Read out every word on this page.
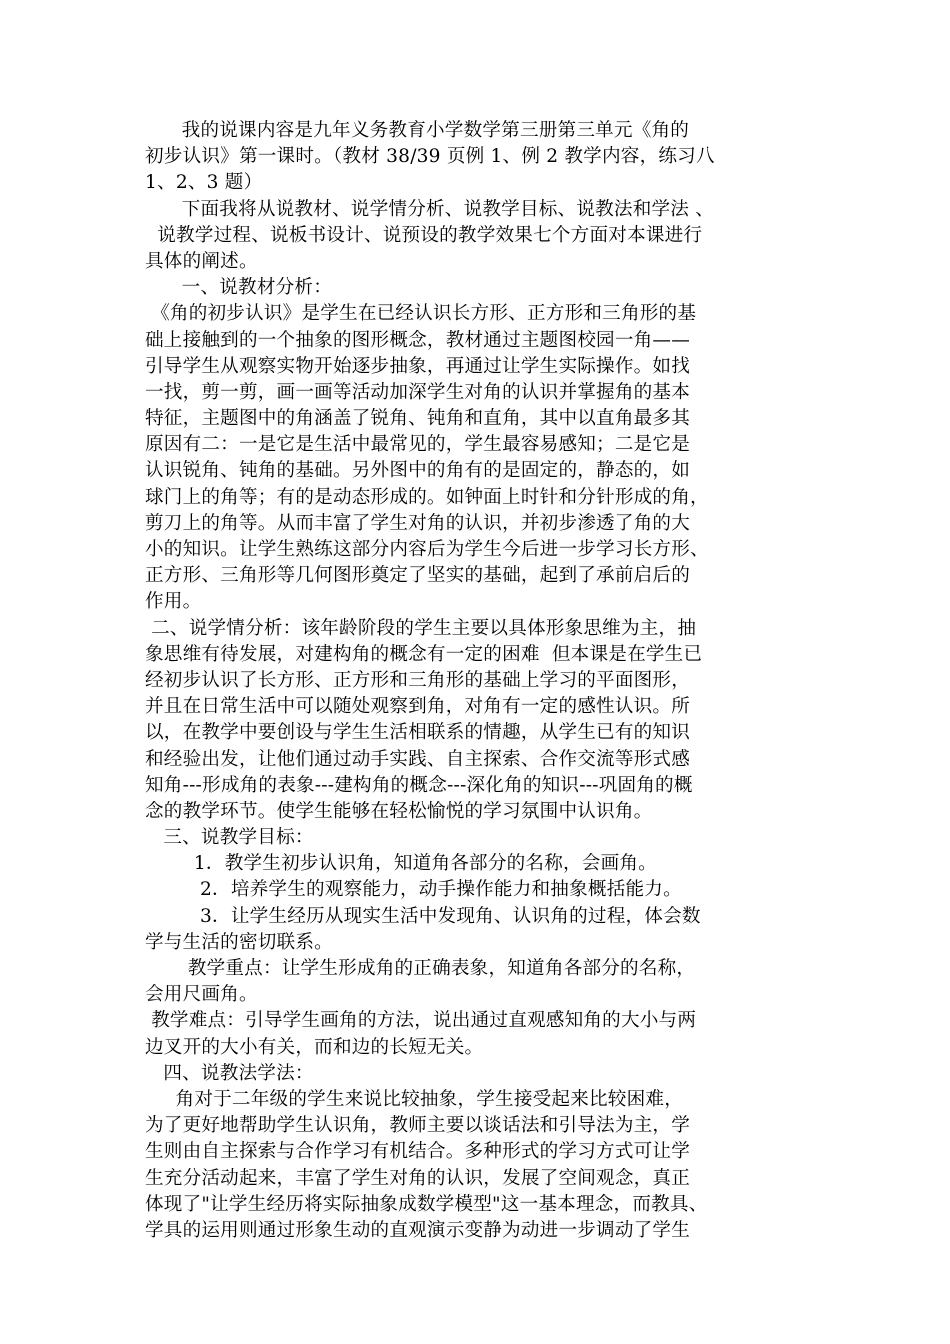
我的说课内容是九年义务教育小学数学第三册第三单元《角的
初步认识》第一课时。（教材 38/39 页例 1、例 2 教学内容，练习八
1、2、3 题）
下面我将从说教材、说学情分析、说教学目标、说教法和学法 、
说教学过程、说板书设计、说预设的教学效果七个方面对本课进行
具体的阐述。
一、说教材分析：
《角的初步认识》是学生在已经认识长方形、正方形和三角形的基
础上接触到的一个抽象的图形概念，教材通过主题图校园一角——
引导学生从观察实物开始逐步抽象，再通过让学生实际操作。如找
一找，剪一剪，画一画等活动加深学生对角的认识并掌握角的基本
特征，主题图中的角涵盖了锐角、钝角和直角，其中以直角最多其
原因有二：一是它是生活中最常见的，学生最容易感知；二是它是
认识锐角、钝角的基础。另外图中的角有的是固定的，静态的，如
球门上的角等；有的是动态形成的。如钟面上时针和分针形成的角，
剪刀上的角等。从而丰富了学生对角的认识，并初步渗透了角的大
小的知识。让学生熟练这部分内容后为学生今后进一步学习长方形、
正方形、三角形等几何图形奠定了坚实的基础，起到了承前启后的
作用。
二、说学情分析：该年龄阶段的学生主要以具体形象思维为主，抽
象思维有待发展，对建构角的概念有一定的困难  但本课是在学生已
经初步认识了长方形、正方形和三角形的基础上学习的平面图形，
并且在日常生活中可以随处观察到角，对角有一定的感性认识。所
以，在教学中要创设与学生生活相联系的情趣，从学生已有的知识
和经验出发，让他们通过动手实践、自主探索、合作交流等形式感
知角---形成角的表象---建构角的概念---深化角的知识---巩固角的概
念的教学环节。使学生能够在轻松愉悦的学习氛围中认识角。
三、说教学目标：
1．教学生初步认识角，知道角各部分的名称，会画角。
2．培养学生的观察能力，动手操作能力和抽象概括能力。
3．让学生经历从现实生活中发现角、认识角的过程，体会数
学与生活的密切联系。
教学重点：让学生形成角的正确表象，知道角各部分的名称，
会用尺画角。
教学难点：引导学生画角的方法，说出通过直观感知角的大小与两
边叉开的大小有关，而和边的长短无关。
四、说教法学法：
角对于二年级的学生来说比较抽象，学生接受起来比较困难，
为了更好地帮助学生认识角，教师主要以谈话法和引导法为主，学
生则由自主探索与合作学习有机结合。多种形式的学习方式可让学
生充分活动起来，丰富了学生对角的认识，发展了空间观念，真正
体现了"让学生经历将实际抽象成数学模型"这一基本理念，而教具、
学具的运用则通过形象生动的直观演示变静为动进一步调动了学生
